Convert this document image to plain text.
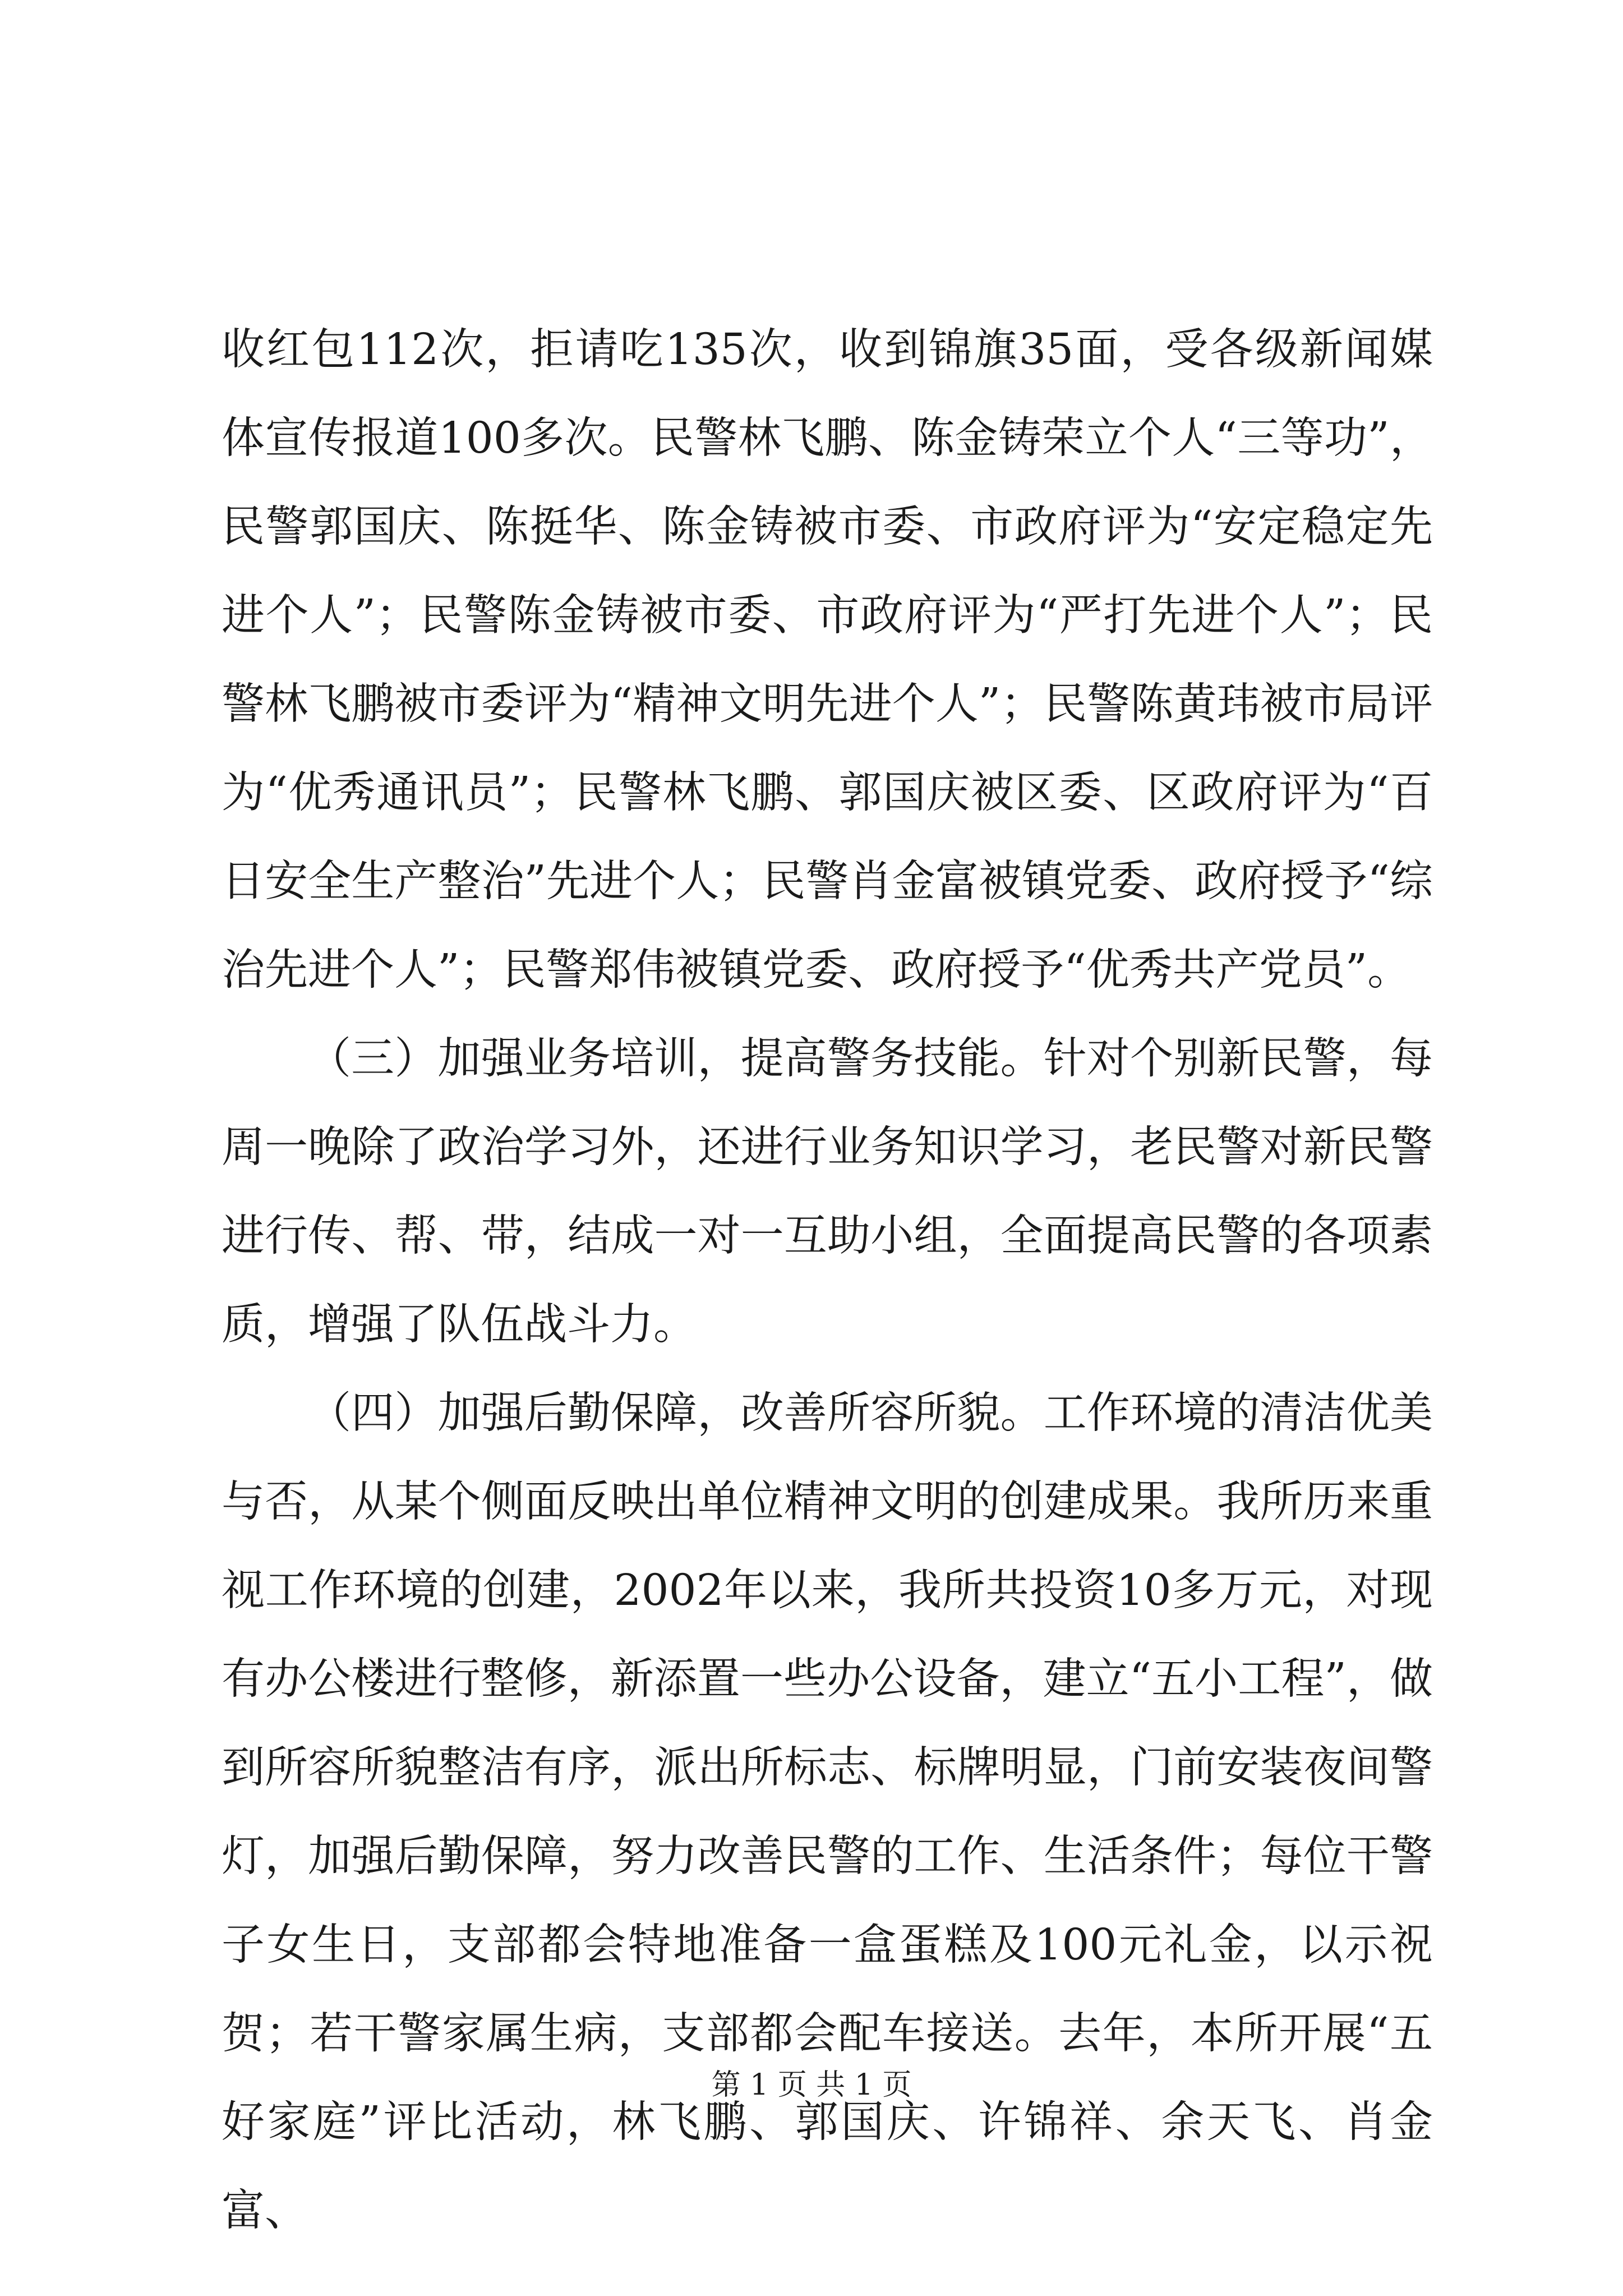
收红包112次，拒请吃135次，收到锦旗35面，受各级新闻媒体宣传报道100多次。民警林飞鹏、陈金铸荣立个人“三等功”，民警郭国庆、陈挺华、陈金铸被市委、市政府评为“安定稳定先进个人”；民警陈金铸被市委、市政府评为“严打先进个人”；民警林飞鹏被市委评为“精神文明先进个人”；民警陈黄玮被市局评为“优秀通讯员”；民警林飞鹏、郭国庆被区委、区政府评为“百日安全生产整治”先进个人；民警肖金富被镇党委、政府授予“综治先进个人”；民警郑伟被镇党委、政府授予“优秀共产党员”。

（三）加强业务培训，提高警务技能。针对个别新民警，每周一晚除了政治学习外，还进行业务知识学习，老民警对新民警进行传、帮、带，结成一对一互助小组，全面提高民警的各项素质，增强了队伍战斗力。

（四）加强后勤保障，改善所容所貌。工作环境的清洁优美与否，从某个侧面反映出单位精神文明的创建成果。我所历来重视工作环境的创建，2002年以来，我所共投资10多万元，对现有办公楼进行整修，新添置一些办公设备，建立“五小工程”，做到所容所貌整洁有序，派出所标志、标牌明显，门前安装夜间警灯，加强后勤保障，努力改善民警的工作、生活条件；每位干警子女生日，支部都会特地准备一盒蛋糕及100元礼金，以示祝贺；若干警家属生病，支部都会配车接送。去年，本所开展“五好家庭”评比活动，林飞鹏、郭国庆、许锦祥、余天飞、肖金富、

第 1 页 共 1 页
